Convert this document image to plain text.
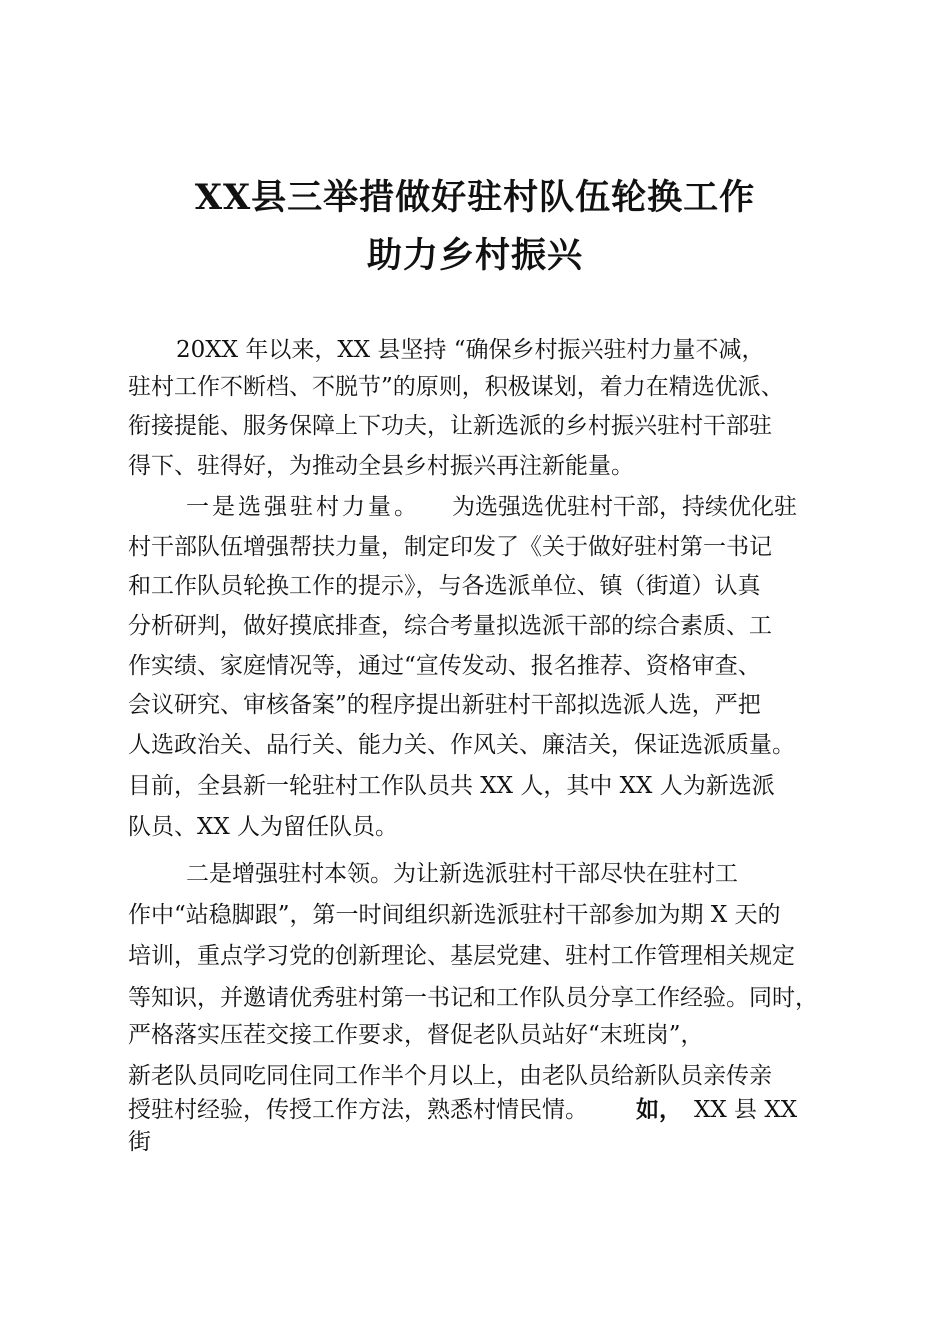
XX县三举措做好驻村队伍轮换工作
助力乡村振兴
20XX 年以来，XX 县坚持 “确保乡村振兴驻村力量不减，
驻村工作不断档、不脱节”的原则，积极谋划，着力在精选优派、
衔接提能、服务保障上下功夫，让新选派的乡村振兴驻村干部驻
得下、驻得好，为推动全县乡村振兴再注新能量。
一是选强驻村力量。 为选强选优驻村干部，持续优化驻
村干部队伍增强帮扶力量，制定印发了《关于做好驻村第一书记
和工作队员轮换工作的提示》，与各选派单位、镇（街道）认真
分析研判，做好摸底排查，综合考量拟选派干部的综合素质、工
作实绩、家庭情况等，通过“宣传发动、报名推荐、资格审查、
会议研究、审核备案”的程序提出新驻村干部拟选派人选，严把
人选政治关、品行关、能力关、作风关、廉洁关，保证选派质量。
目前，全县新一轮驻村工作队员共 XX 人，其中 XX 人为新选派
队员、XX 人为留任队员。
二是增强驻村本领。为让新选派驻村干部尽快在驻村工
作中“站稳脚跟”，第一时间组织新选派驻村干部参加为期 X 天的
培训，重点学习党的创新理论、基层党建、驻村工作管理相关规定
等知识，并邀请优秀驻村第一书记和工作队员分享工作经验。同时，
严格落实压茬交接工作要求，督促老队员站好“末班岗”，
新老队员同吃同住同工作半个月以上，由老队员给新队员亲传亲
授驻村经验，传授工作方法，熟悉村情民情。 如， XX 县 XX
街
